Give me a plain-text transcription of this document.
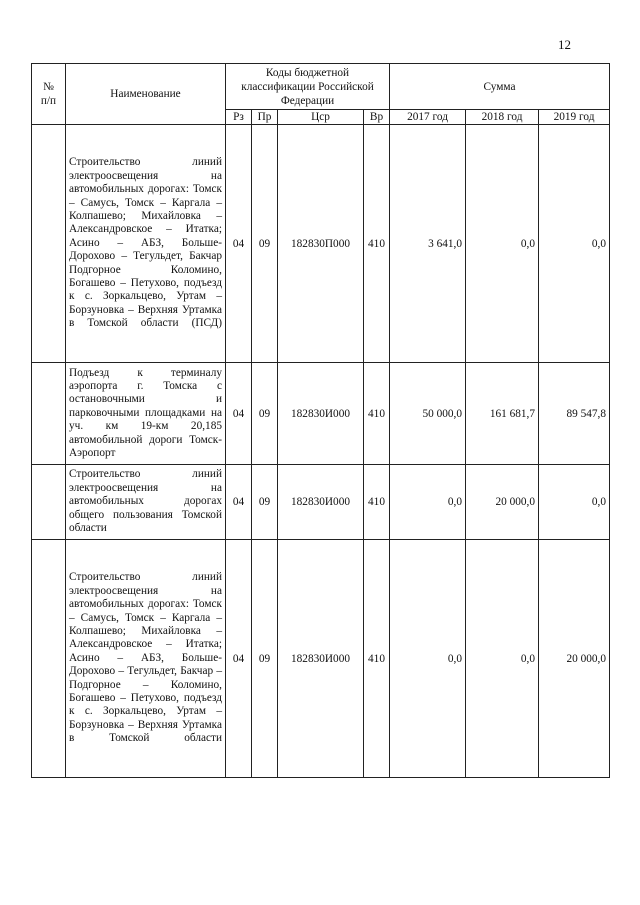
12
№
п/п	Наименование	Коды бюджетной классификации Российской Федерации				Сумма		
		Рз	Пр	Цср	Вр	2017 год	2018 год	2019 год
	Строительство линий электроосвещения на автомобильных дорогах: Томск – Самусь, Томск – Каргала – Колпашево; Михайловка – Александровское – Итатка; Асино – АБЗ, Больше-Дорохово – Тегульдет, Бакчар Подгорное Коломино, Богашево – Петухово, подъезд к с. Зоркальцево, Уртам – Борзуновка – Верхняя Уртамка в Томской области (ПСД)	04	09	182830П000	410	3 641,0	0,0	0,0
	Подъезд к терминалу аэропорта г. Томска с остановочными и парковочными площадками на уч. км 19-км 20,185 автомобильной дороги Томск-Аэропорт	04	09	182830И000	410	50 000,0	161 681,7	89 547,8
	Строительство линий электроосвещения на автомобильных дорогах общего пользования Томской области	04	09	182830И000	410	0,0	20 000,0	0,0
	Строительство линий электроосвещения на автомобильных дорогах: Томск – Самусь, Томск – Каргала – Колпашево; Михайловка – Александровское – Итатка; Асино – АБЗ, Больше-Дорохово – Тегульдет, Бакчар – Подгорное – Коломино, Богашево – Петухово, подъезд к с. Зоркальцево, Уртам – Борзуновка – Верхняя Уртамка в Томской области	04	09	182830И000	410	0,0	0,0	20 000,0
